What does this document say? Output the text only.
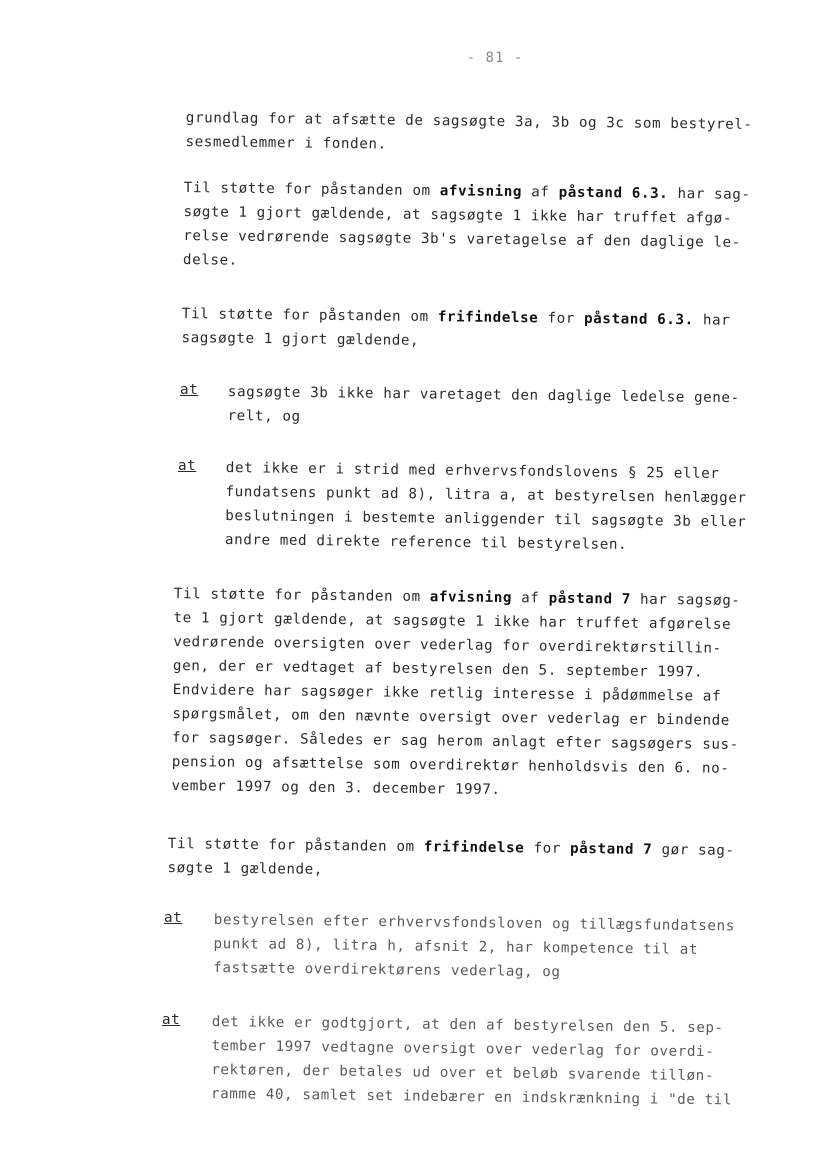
- 81 -
grundlag for at afsætte de sagsøgte 3a, 3b og 3c som bestyrel-
sesmedlemmer i fonden.
Til støtte for påstanden om afvisning af påstand 6.3. har sag-
søgte 1 gjort gældende, at sagsøgte 1 ikke har truffet afgø-
relse vedrørende sagsøgte 3b's varetagelse af den daglige le-
delse.
Til støtte for påstanden om frifindelse for påstand 6.3. har
sagsøgte 1 gjort gældende,
at sagsøgte 3b ikke har varetaget den daglige ledelse gene-
relt, og
at det ikke er i strid med erhvervsfondslovens § 25 eller
fundatsens punkt ad 8), litra a, at bestyrelsen henlægger
beslutningen i bestemte anliggender til sagsøgte 3b eller
andre med direkte reference til bestyrelsen.
Til støtte for påstanden om afvisning af påstand 7 har sagsøg-
te 1 gjort gældende, at sagsøgte 1 ikke har truffet afgørelse
vedrørende oversigten over vederlag for overdirektørstillin-
gen, der er vedtaget af bestyrelsen den 5. september 1997.
Endvidere har sagsøger ikke retlig interesse i pådømmelse af
spørgsmålet, om den nævnte oversigt over vederlag er bindende
for sagsøger. Således er sag herom anlagt efter sagsøgers sus-
pension og afsættelse som overdirektør henholdsvis den 6. no-
vember 1997 og den 3. december 1997.
Til støtte for påstanden om frifindelse for påstand 7 gør sag-
søgte 1 gældende,
at bestyrelsen efter erhvervsfondsloven og tillægsfundatsens
punkt ad 8), litra h, afsnit 2, har kompetence til at
fastsætte overdirektørens vederlag, og
at det ikke er godtgjort, at den af bestyrelsen den 5. sep-
tember 1997 vedtagne oversigt over vederlag for overdi-
rektøren, der betales ud over et beløb svarende tilløn-
ramme 40, samlet set indebærer en indskrænkning i "de til
